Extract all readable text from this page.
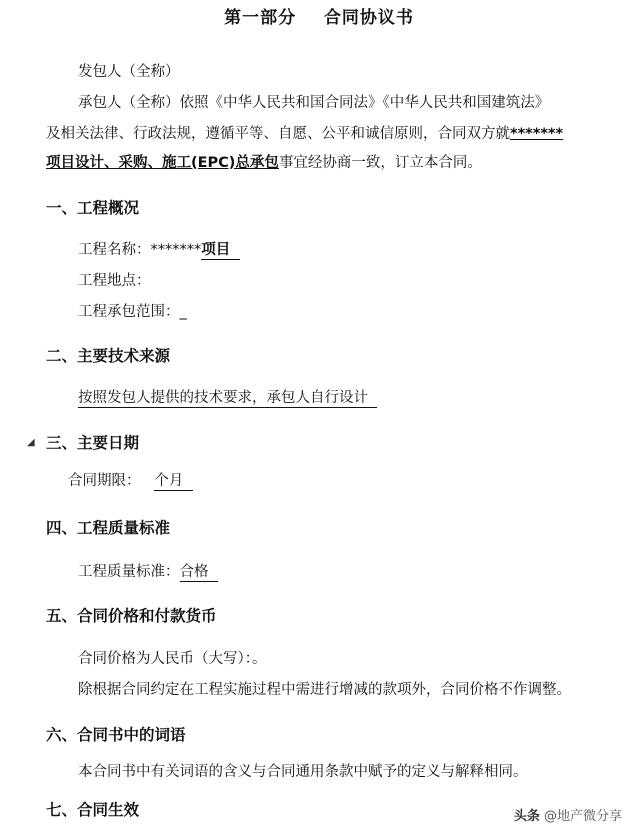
第一部分    合同协议书
发包人（全称）
承包人（全称）依照《中华人民共和国合同法》《中华人民共和国建筑法》
及相关法律、行政法规，遵循平等、自愿、公平和诚信原则，合同双方就*******
项目设计、采购、施工(EPC)总承包事宜经协商一致，订立本合同。
一、工程概况
工程名称：*******项目
工程地点：
工程承包范围：_
二、主要技术来源
按照发包人提供的技术要求，承包人自行设计
◢ 三、主要日期
合同期限： 个月
四、工程质量标准
工程质量标准：合格
五、合同价格和付款货币
合同价格为人民币（大写）：。
除根据合同约定在工程实施过程中需进行增减的款项外，合同价格不作调整。
六、合同书中的词语
本合同书中有关词语的含义与合同通用条款中赋予的定义与解释相同。
七、合同生效	头条 @地产微分享
